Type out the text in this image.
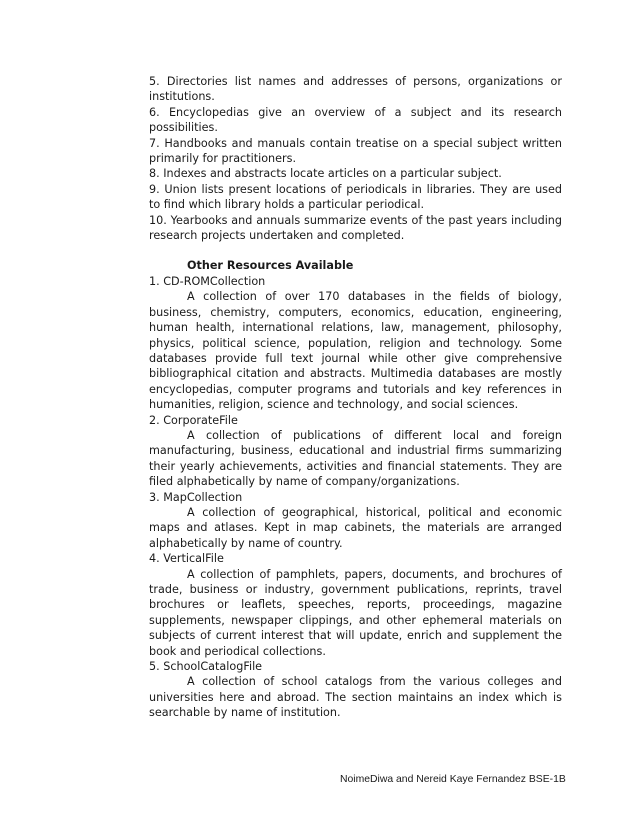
5. Directories list names and addresses of persons, organizations or institutions.

6. Encyclopedias give an overview of a subject and its research possibilities.

7. Handbooks and manuals contain treatise on a special subject written primarily for practitioners.

8. Indexes and abstracts locate articles on a particular subject.

9. Union lists present locations of periodicals in libraries. They are used to find which library holds a particular periodical.

10. Yearbooks and annuals summarize events of the past years including research projects undertaken and completed.

Other Resources Available

1. CD-ROMCollection

A collection of over 170 databases in the fields of biology, business, chemistry, computers, economics, education, engineering, human health, international relations, law, management, philosophy, physics, political science, population, religion and technology. Some databases provide full text journal while other give comprehensive bibliographical citation and abstracts. Multimedia databases are mostly encyclopedias, computer programs and tutorials and key references in humanities, religion, science and technology, and social sciences.

2. CorporateFile

A collection of publications of different local and foreign manufacturing, business, educational and industrial firms summarizing their yearly achievements, activities and financial statements. They are filed alphabetically by name of company/organizations.

3. MapCollection

A collection of geographical, historical, political and economic maps and atlases. Kept in map cabinets, the materials are arranged alphabetically by name of country.

4. VerticalFile

A collection of pamphlets, papers, documents, and brochures of trade, business or industry, government publications, reprints, travel brochures or leaflets, speeches, reports, proceedings, magazine supplements, newspaper clippings, and other ephemeral materials on subjects of current interest that will update, enrich and supplement the book and periodical collections.

5. SchoolCatalogFile

A collection of school catalogs from the various colleges and universities here and abroad. The section maintains an index which is searchable by name of institution.

NoimeDiwa and Nereid Kaye Fernandez BSE-1B
